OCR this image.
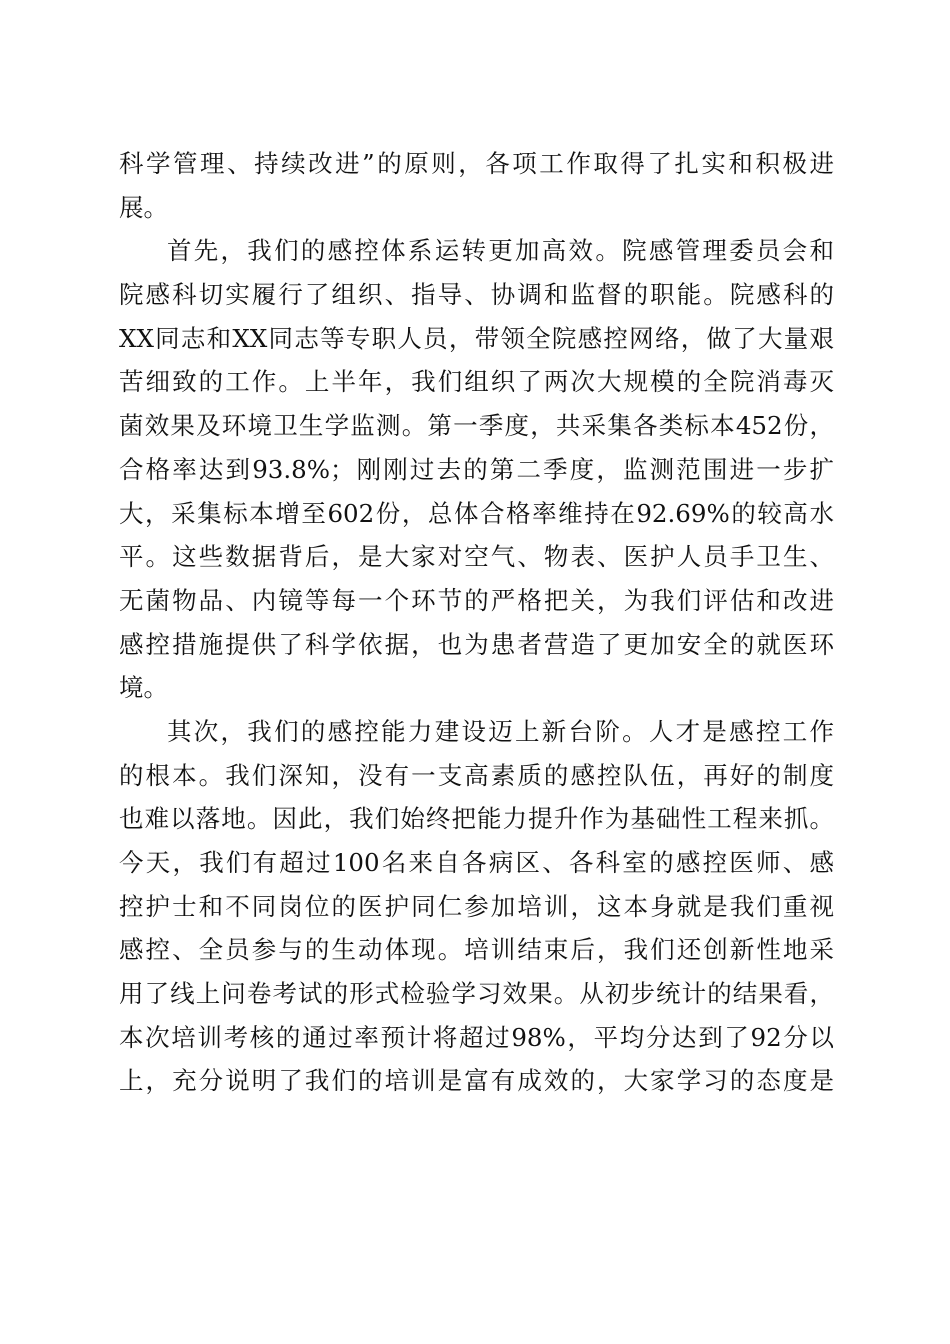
科学管理、持续改进”的原则，各项工作取得了扎实和积极进
展。
首先，我们的感控体系运转更加高效。院感管理委员会和
院感科切实履行了组织、指导、协调和监督的职能。院感科的
XX同志和XX同志等专职人员，带领全院感控网络，做了大量艰
苦细致的工作。上半年，我们组织了两次大规模的全院消毒灭
菌效果及环境卫生学监测。第一季度，共采集各类标本452份，
合格率达到93.8%；刚刚过去的第二季度，监测范围进一步扩
大，采集标本增至602份，总体合格率维持在92.69%的较高水
平。这些数据背后，是大家对空气、物表、医护人员手卫生、
无菌物品、内镜等每一个环节的严格把关，为我们评估和改进
感控措施提供了科学依据，也为患者营造了更加安全的就医环
境。
其次，我们的感控能力建设迈上新台阶。人才是感控工作
的根本。我们深知，没有一支高素质的感控队伍，再好的制度
也难以落地。因此，我们始终把能力提升作为基础性工程来抓。
今天，我们有超过100名来自各病区、各科室的感控医师、感
控护士和不同岗位的医护同仁参加培训，这本身就是我们重视
感控、全员参与的生动体现。培训结束后，我们还创新性地采
用了线上问卷考试的形式检验学习效果。从初步统计的结果看，
本次培训考核的通过率预计将超过98%，平均分达到了92分以
上，充分说明了我们的培训是富有成效的，大家学习的态度是
